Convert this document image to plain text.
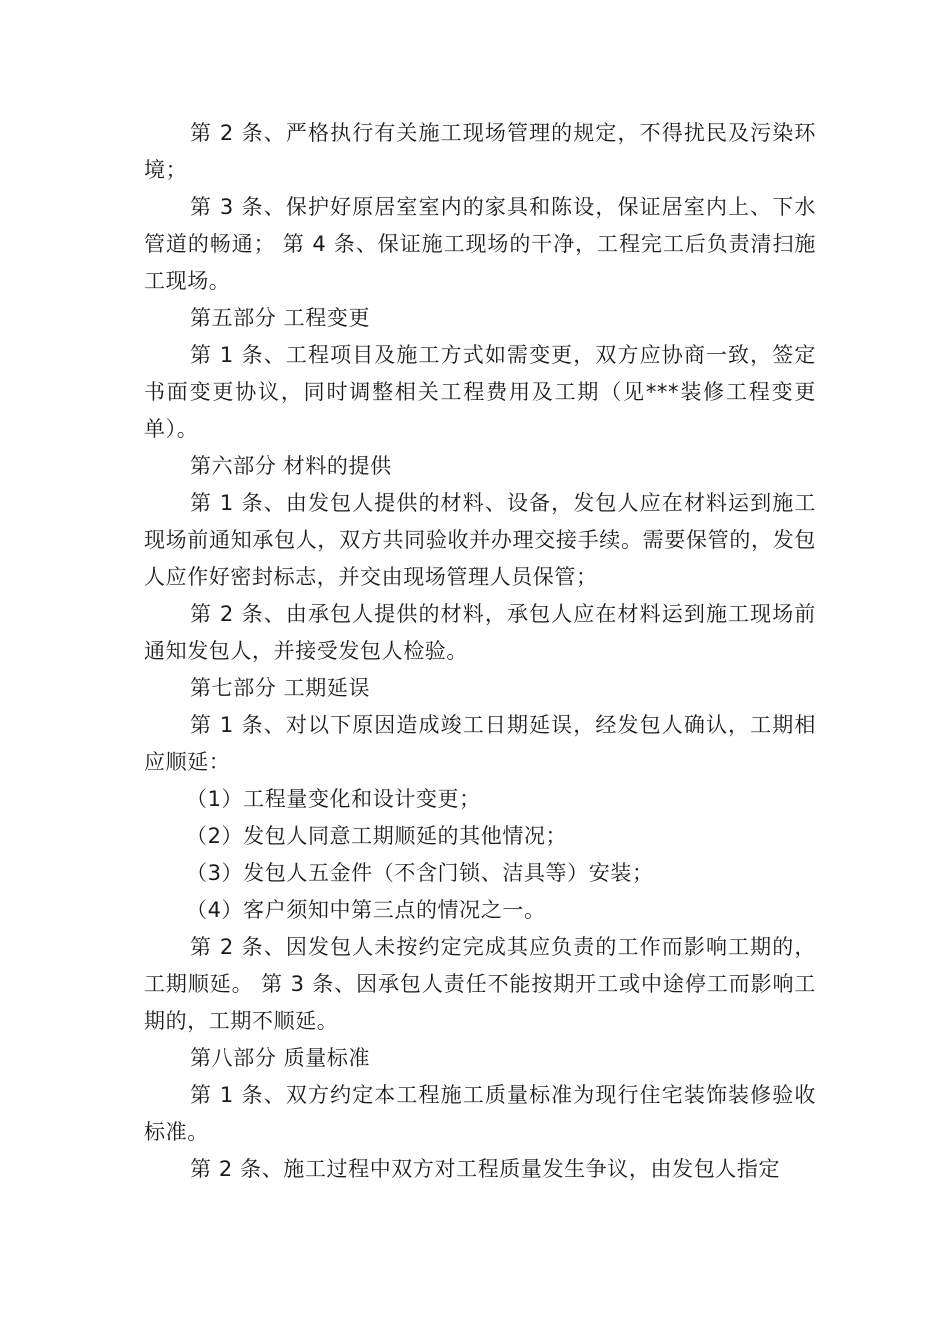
第 2 条、严格执行有关施工现场管理的规定，不得扰民及污染环境；

第 3 条、保护好原居室室内的家具和陈设，保证居室内上、下水管道的畅通； 第 4 条、保证施工现场的干净，工程完工后负责清扫施工现场。

第五部分 工程变更

第 1 条、工程项目及施工方式如需变更，双方应协商一致，签定书面变更协议，同时调整相关工程费用及工期（见***装修工程变更单）。

第六部分 材料的提供

第 1 条、由发包人提供的材料、设备，发包人应在材料运到施工现场前通知承包人，双方共同验收并办理交接手续。需要保管的，发包人应作好密封标志，并交由现场管理人员保管；

第 2 条、由承包人提供的材料，承包人应在材料运到施工现场前通知发包人，并接受发包人检验。

第七部分 工期延误

第 1 条、对以下原因造成竣工日期延误，经发包人确认，工期相应顺延：

（1）工程量变化和设计变更；

（2）发包人同意工期顺延的其他情况；

（3）发包人五金件（不含门锁、洁具等）安装；

（4）客户须知中第三点的情况之一。

第 2 条、因发包人未按约定完成其应负责的工作而影响工期的，工期顺延。 第 3 条、因承包人责任不能按期开工或中途停工而影响工期的，工期不顺延。

第八部分 质量标准

第 1 条、双方约定本工程施工质量标准为现行住宅装饰装修验收标准。

第 2 条、施工过程中双方对工程质量发生争议，由发包人指定
